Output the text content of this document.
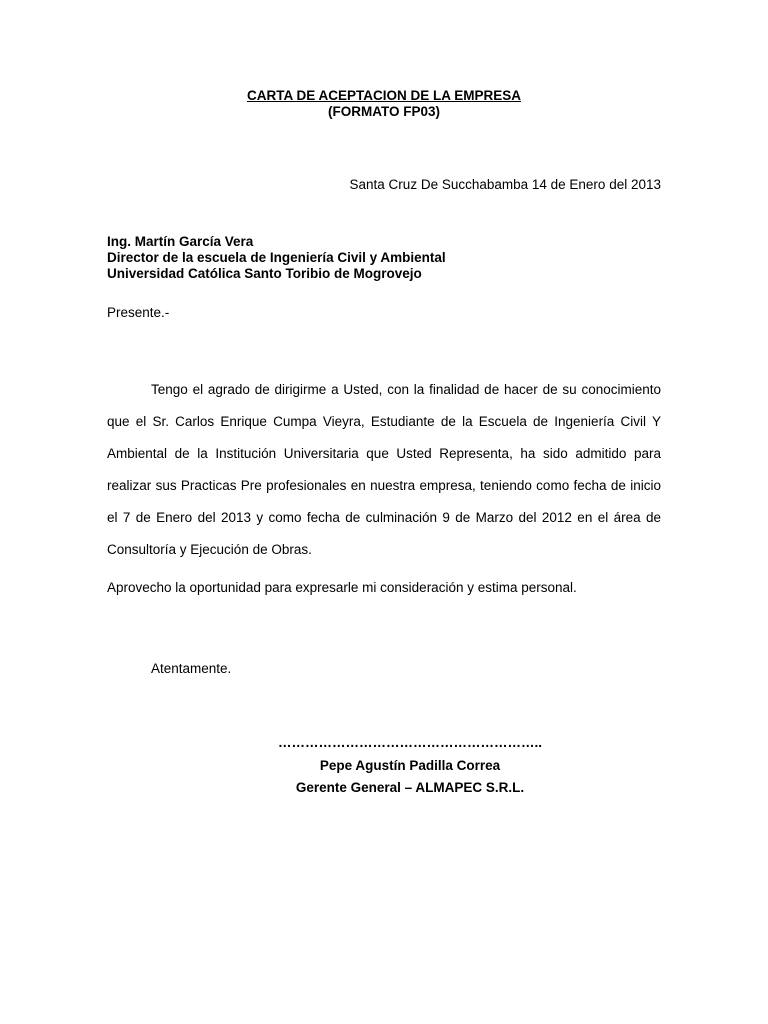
CARTA DE ACEPTACION DE LA EMPRESA
(FORMATO FP03)
Santa Cruz De Succhabamba 14 de Enero del 2013
Ing. Martín García Vera
Director de la escuela de Ingeniería Civil y Ambiental
Universidad Católica Santo Toribio de Mogrovejo
Presente.-

Tengo el agrado de dirigirme a Usted, con la finalidad de hacer de su conocimiento que el Sr. Carlos Enrique Cumpa Vieyra, Estudiante de la Escuela de Ingeniería Civil Y Ambiental de la Institución Universitaria que Usted Representa, ha sido admitido para realizar sus Practicas Pre profesionales en nuestra empresa, teniendo como fecha de inicio el 7 de Enero del 2013 y como fecha de culminación 9 de Marzo del 2012 en el área de Consultoría y Ejecución de Obras.

Aprovecho la oportunidad para expresarle mi consideración y estima personal.
Atentamente.
…………………………………………………..
Pepe Agustín Padilla Correa
Gerente General – ALMAPEC S.R.L.
